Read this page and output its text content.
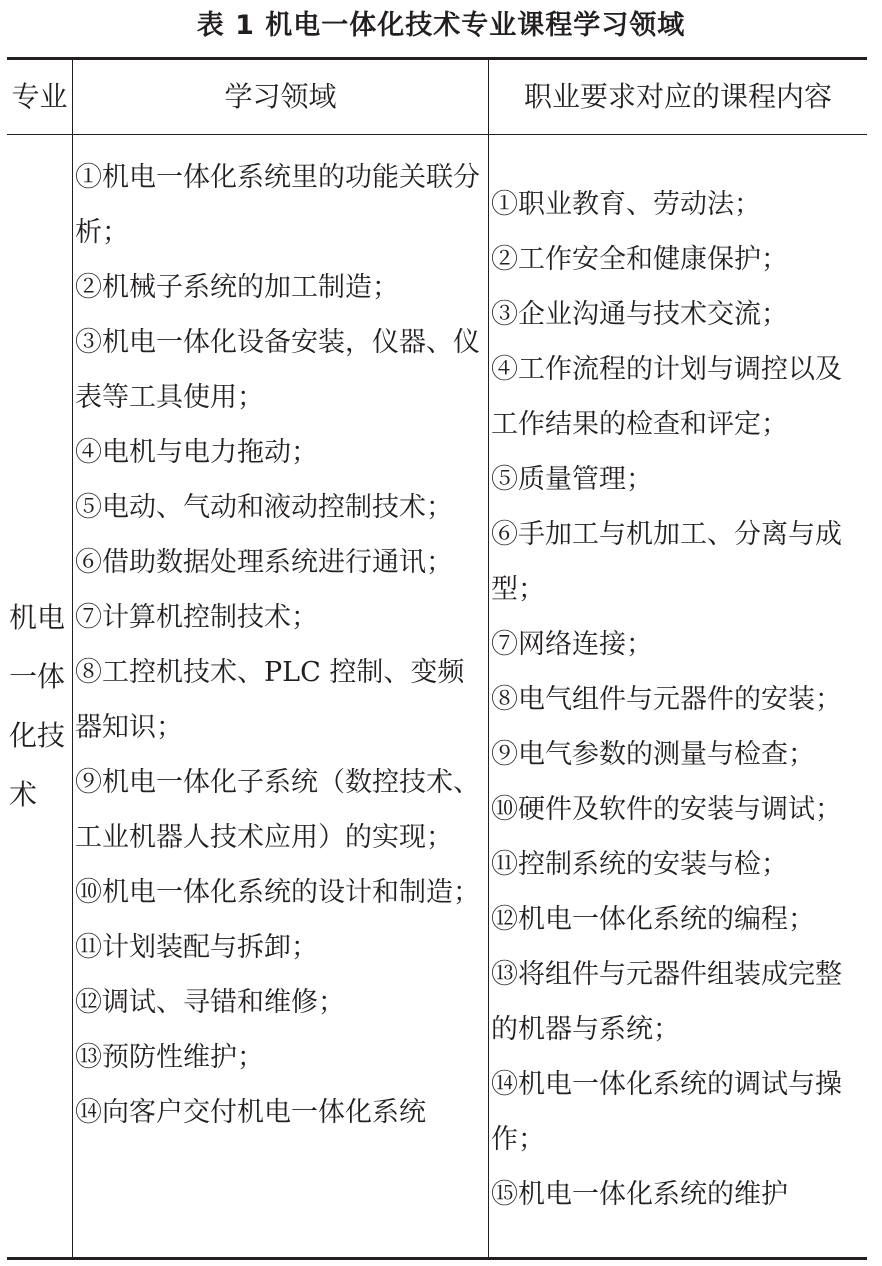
表 1 机电一体化技术专业课程学习领域
专业	学习领域	职业要求对应的课程内容
机电一体化技术
①机电一体化系统里的功能关联分析；
②机械子系统的加工制造；
③机电一体化设备安装，仪器、仪表等工具使用；
④电机与电力拖动；
⑤电动、气动和液动控制技术；
⑥借助数据处理系统进行通讯；
⑦计算机控制技术；
⑧工控机技术、PLC 控制、变频器知识；
⑨机电一体化子系统（数控技术、工业机器人技术应用）的实现；
⑩机电一体化系统的设计和制造；
⑪计划装配与拆卸；
⑫调试、寻错和维修；
⑬预防性维护；
⑭向客户交付机电一体化系统
①职业教育、劳动法；
②工作安全和健康保护；
③企业沟通与技术交流；
④工作流程的计划与调控以及工作结果的检查和评定；
⑤质量管理；
⑥手加工与机加工、分离与成型；
⑦网络连接；
⑧电气组件与元器件的安装；
⑨电气参数的测量与检查；
⑩硬件及软件的安装与调试；
⑪控制系统的安装与检；
⑫机电一体化系统的编程；
⑬将组件与元器件组装成完整的机器与系统；
⑭机电一体化系统的调试与操作；
⑮机电一体化系统的维护
